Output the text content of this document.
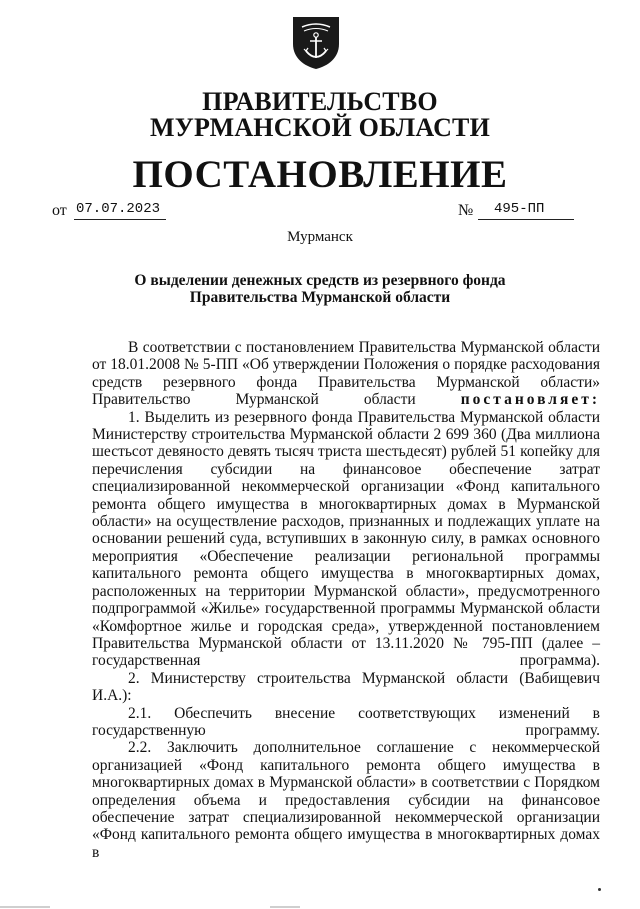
ПРАВИТЕЛЬСТВО
МУРМАНСКОЙ ОБЛАСТИ
ПОСТАНОВЛЕНИЕ
от 07.07.2023	№ 495-ПП
Мурманск
О выделении денежных средств из резервного фонда
Правительства Мурманской области

В соответствии с постановлением Правительства Мурманской области от 18.01.2008 № 5-ПП «Об утверждении Положения о порядке расходования средств резервного фонда Правительства Мурманской области» Правительство Мурманской области	постановляет:

1. Выделить из резервного фонда Правительства Мурманской области Министерству строительства Мурманской области 2 699 360 (Два миллиона шестьсот девяносто девять тысяч триста шестьдесят) рублей 51 копейку для перечисления субсидии на финансовое обеспечение затрат специализированной некоммерческой организации «Фонд капитального ремонта общего имущества в многоквартирных домах в Мурманской области» на осуществление расходов, признанных и подлежащих уплате на основании решений суда, вступивших в законную силу, в рамках основного мероприятия «Обеспечение реализации региональной программы капитального ремонта общего имущества в многоквартирных домах, расположенных на территории Мурманской области», предусмотренного подпрограммой «Жилье» государственной программы Мурманской области «Комфортное жилье и городская среда», утвержденной постановлением Правительства Мурманской области от 13.11.2020 № 795-ПП (далее – государственная программа).

2. Министерству строительства Мурманской области (Вабищевич И.А.):

2.1. Обеспечить внесение соответствующих изменений в государственную программу.

2.2. Заключить дополнительное соглашение с некоммерческой организацией «Фонд капитального ремонта общего имущества в многоквартирных домах в Мурманской области» в соответствии с Порядком определения объема и предоставления субсидии на финансовое обеспечение затрат специализированной некоммерческой организации «Фонд капитального ремонта общего имущества в многоквартирных домах в
